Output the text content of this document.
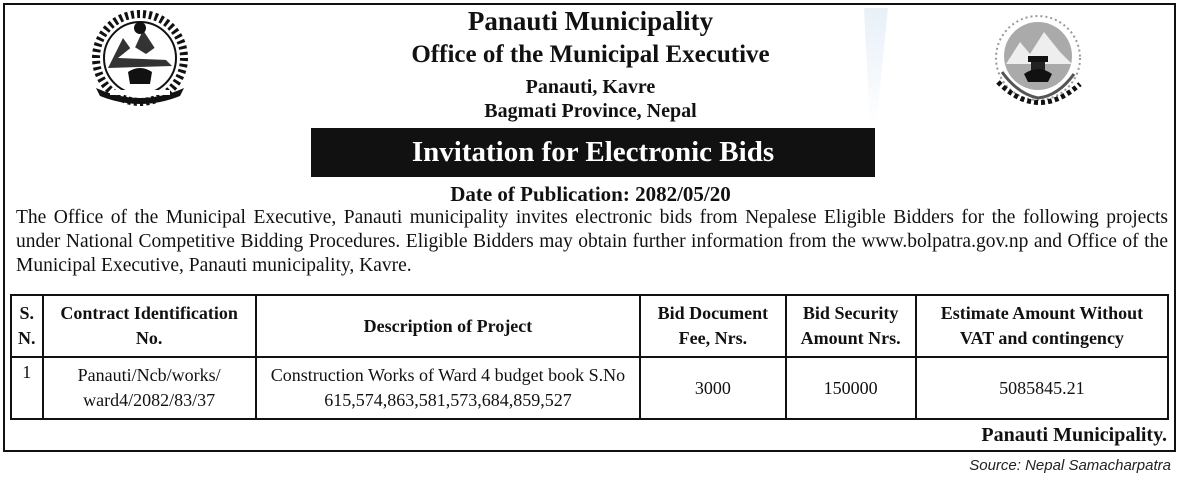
Panauti Municipality
Office of the Municipal Executive
Panauti, Kavre
Bagmati Province, Nepal
Invitation for Electronic Bids
Date of Publication: 2082/05/20
The Office of the Municipal Executive, Panauti municipality invites electronic bids from Nepalese Eligible Bidders for the following projects under National Competitive Bidding Procedures. Eligible Bidders may obtain further information from the www.bolpatra.gov.np and Office of the Municipal Executive, Panauti municipality, Kavre.
S. N.	Contract Identification No.	Description of Project	Bid Document Fee, Nrs.	Bid Security Amount Nrs.	Estimate Amount Without VAT and contingency
1	Panauti/Ncb/works/ ward4/2082/83/37	Construction Works of Ward 4 budget book S.No 615,574,863,581,573,684,859,527	3000	150000	5085845.21
Panauti Municipality.
Source: Nepal Samacharpatra
